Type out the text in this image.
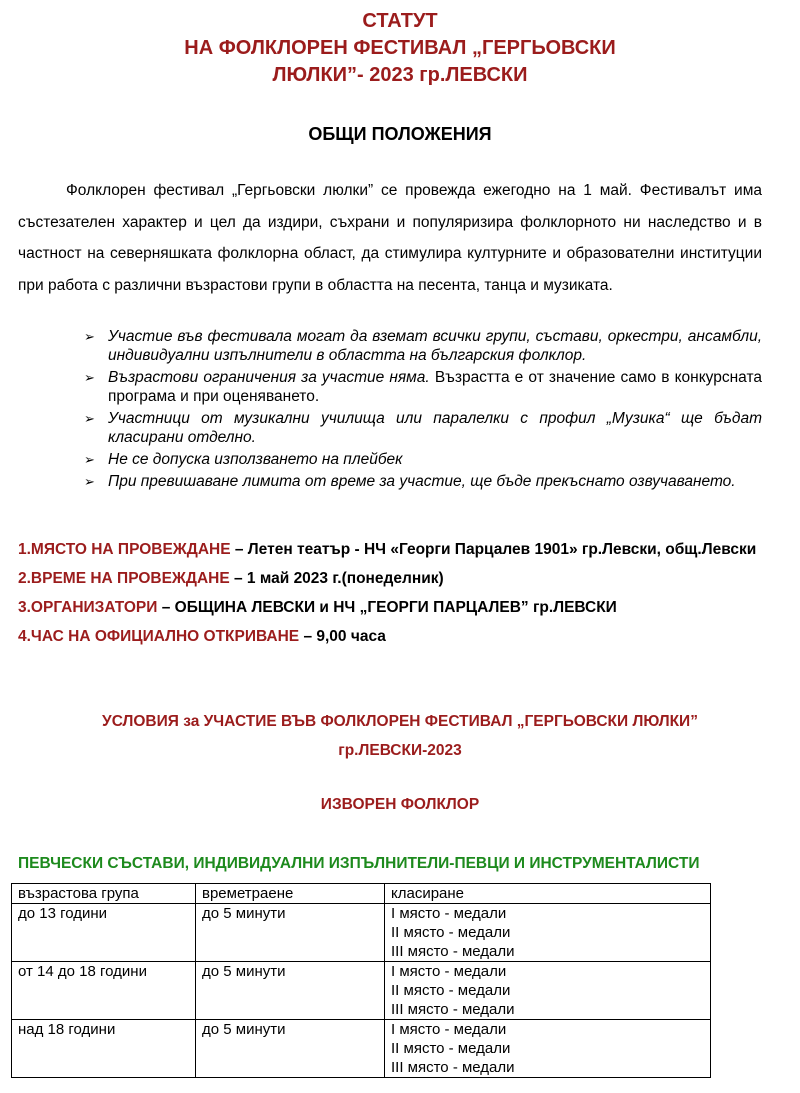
СТАТУТ
НА ФОЛКЛОРЕН ФЕСТИВАЛ „ГЕРГЬОВСКИ
ЛЮЛКИ”- 2023 гр.ЛЕВСКИ
ОБЩИ ПОЛОЖЕНИЯ
Фолклорен фестивал „Гергьовски люлки” се провежда ежегодно на 1 май. Фестивалът има състезателен характер и цел да издири, съхрани и популяризира фолклорното ни наследство и в частност на северняшката фолклорна област, да стимулира културните и образователни институции при работа с различни възрастови групи в областта на песента, танца и музиката.
➢ Участие във фестивала могат да вземат всички групи, състави, оркестри, ансамбли, индивидуални изпълнители в областта на българския фолклор.
➢ Възрастови ограничения за участие няма. Възрастта е от значение само в конкурсната програма и при оценяването.
➢ Участници от музикални училища или паралелки с профил „Музика“ ще бъдат класирани отделно.
➢ Не се допуска използването на плейбек
➢ При превишаване лимита от време за участие, ще бъде прекъснато озвучаването.
1.МЯСТО НА ПРОВЕЖДАНЕ – Летен театър - НЧ «Георги Парцалев 1901» гр.Левски, общ.Левски
2.ВРЕМЕ НА ПРОВЕЖДАНЕ – 1 май 2023 г.(понеделник)
3.ОРГАНИЗАТОРИ – ОБЩИНА ЛЕВСКИ и НЧ „ГЕОРГИ ПАРЦАЛЕВ” гр.ЛЕВСКИ
4.ЧАС НА ОФИЦИАЛНО ОТКРИВАНЕ – 9,00 часа
УСЛОВИЯ за УЧАСТИЕ ВЪВ ФОЛКЛОРЕН ФЕСТИВАЛ „ГЕРГЬОВСКИ ЛЮЛКИ”
гр.ЛЕВСКИ-2023
ИЗВОРЕН ФОЛКЛОР
ПЕВЧЕСКИ СЪСТАВИ, ИНДИВИДУАЛНИ ИЗПЪЛНИТЕЛИ-ПЕВЦИ И ИНСТРУМЕНТАЛИСТИ
възрастова група	времетраене	класиране
до 13 години	до 5 минути	I място - медали
II място - медали
III място - медали

от 14 до 18 години	до 5 минути	I място - медали
II място - медали
III място - медали

над 18 години	до 5 минути	I място - медали
II място - медали
III място - медали
